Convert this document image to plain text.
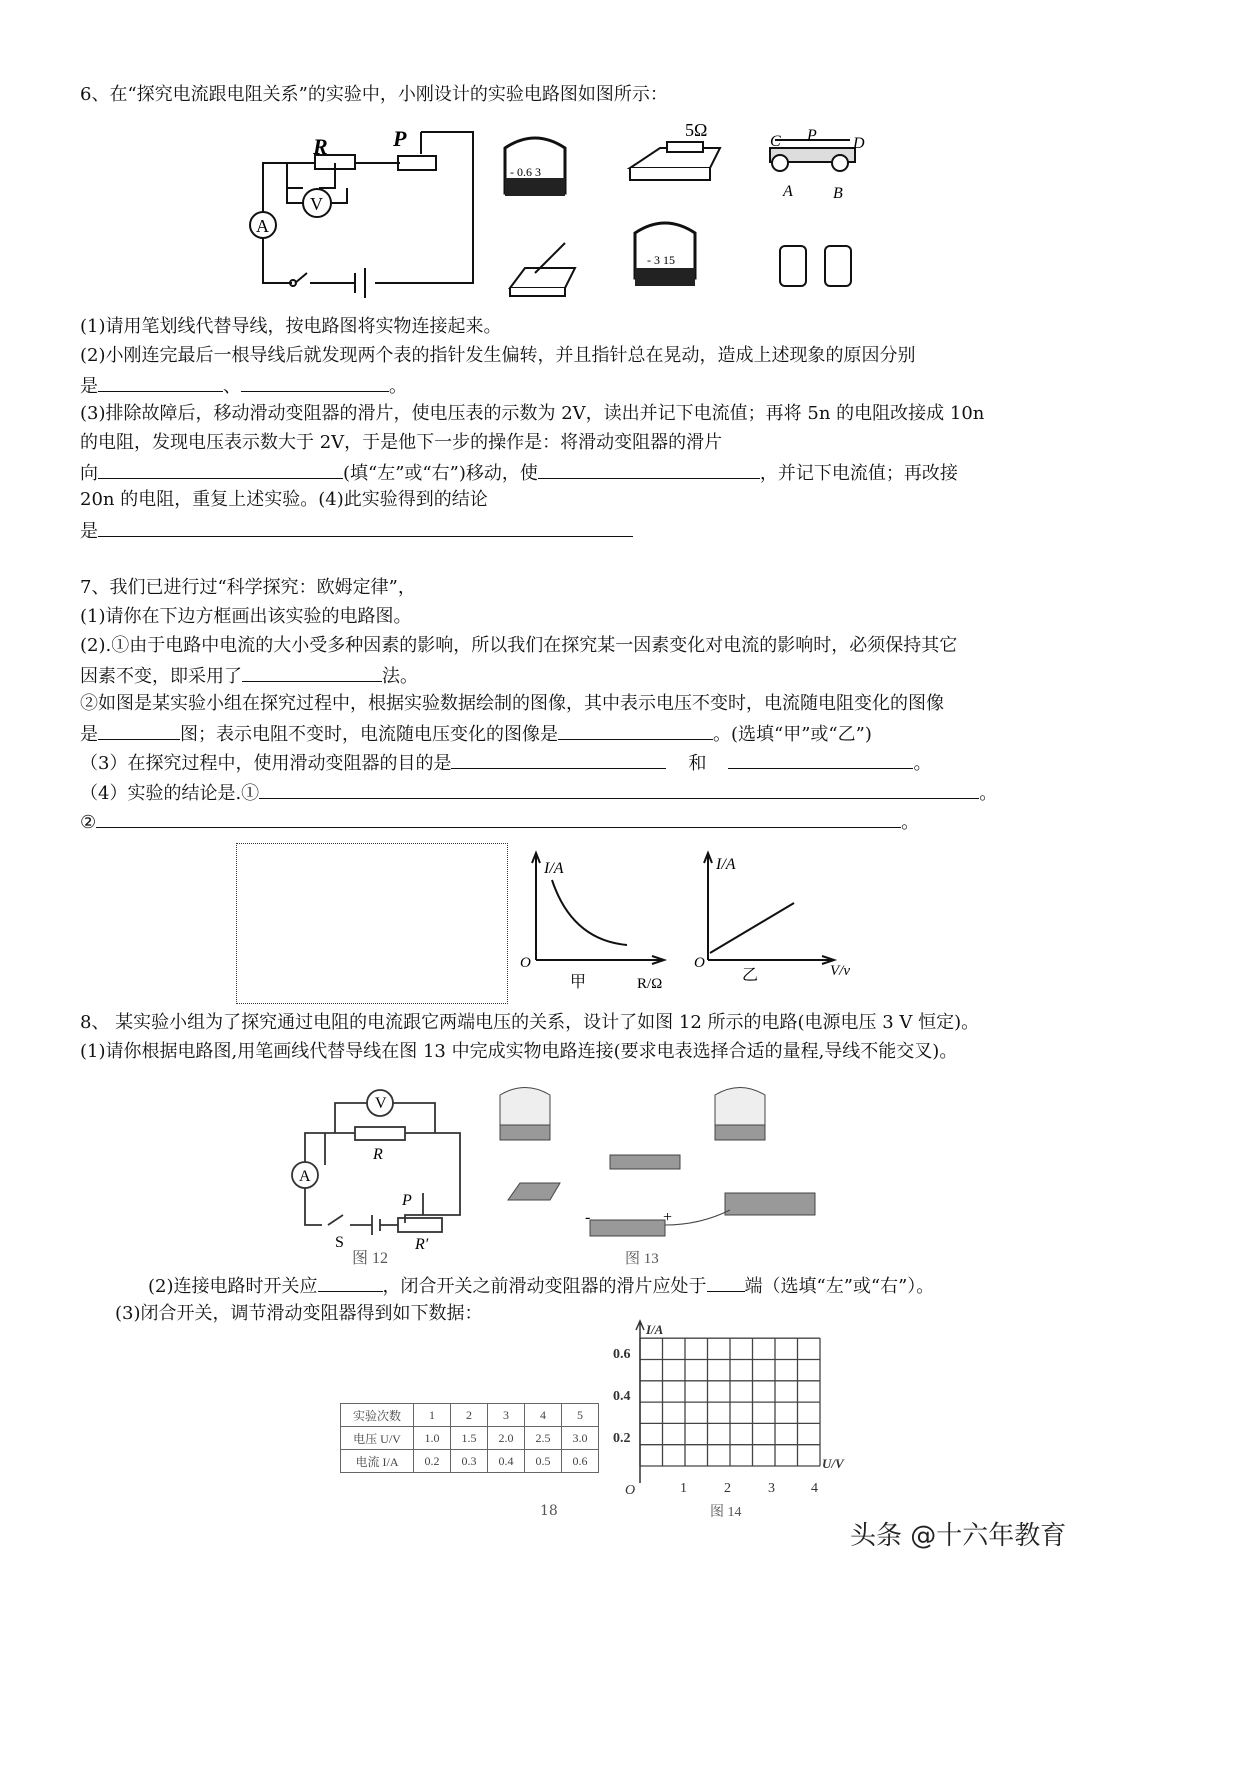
6、在“探究电流跟电阻关系”的实验中，小刚设计的实验电路图如图所示：
R	P
V
A
- 0.6 3
5Ω
C P D
A	B
- 3 15
(1)请用笔划线代替导线，按电路图将实物连接起来。
(2)小刚连完最后一根导线后就发现两个表的指针发生偏转，并且指针总在晃动，造成上述现象的原因分别
是	、	。
(3)排除故障后，移动滑动变阻器的滑片，使电压表的示数为 2V，读出并记下电流值；再将 5n 的电阻改接成 10n
的电阻，发现电压表示数大于 2V，于是他下一步的操作是：将滑动变阻器的滑片
向	(填“左”或“右”)移动，使	，并记下电流值；再改接
20n 的电阻，重复上述实验。(4)此实验得到的结论
是
7、我们已进行过“科学探究：欧姆定律”，
(1)请你在下边方框画出该实验的电路图。
(2).①由于电路中电流的大小受多种因素的影响，所以我们在探究某一因素变化对电流的影响时，必须保持其它
因素不变，即采用了	法。
②如图是某实验小组在探究过程中，根据实验数据绘制的图像，其中表示电压不变时，电流随电阻变化的图像
是	图；表示电阻不变时，电流随电压变化的图像是	。(选填“甲”或“乙”)
（3）在探究过程中，使用滑动变阻器的目的是	和	。
（4）实验的结论是.①	。
②	。
I/A
O
甲	R/Ω
I/A
O
乙	V/v
8、 某实验小组为了探究通过电阻的电流跟它两端电压的关系，设计了如图 12 所示的电路(电源电压 3 V 恒定)。
(1)请你根据电路图,用笔画线代替导线在图 13 中完成实物电路连接(要求电表选择合适的量程,导线不能交叉)。
V
A
R
P
S	R′
图 12
-	+
图 13
(2)连接电路时开关应	，闭合开关之前滑动变阻器的滑片应处于 端（选填“左”或“右”）。
(3)闭合开关，调节滑动变阻器得到如下数据：
实验次数	1	2	3	4	5
电压 U/V	1.0	1.5	2.0	2.5	3.0
电流 I/A	0.2	0.3	0.4	0.5	0.6
I/A
U/V
O
0.2
0.4
0.6
1	2	3	4
图 14
18
头条 @十六年教育
